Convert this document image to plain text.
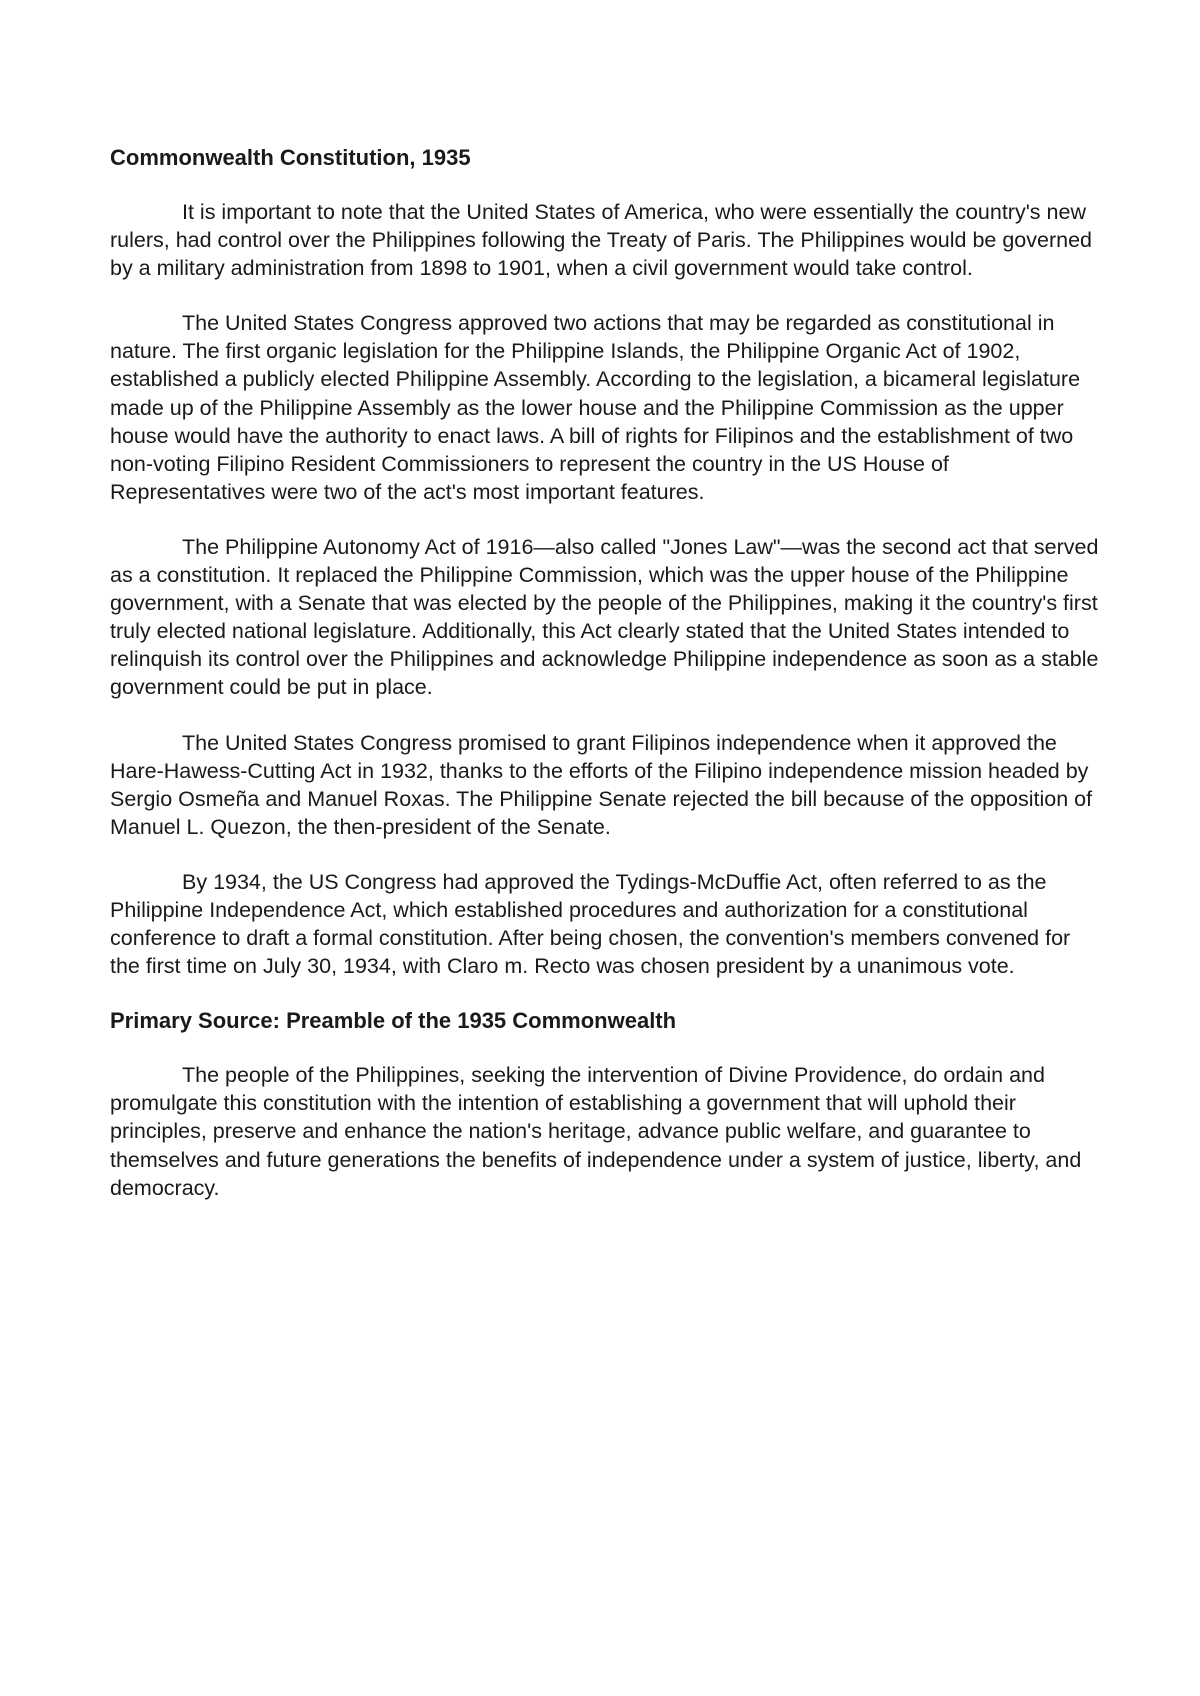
Commonwealth Constitution, 1935

It is important to note that the United States of America, who were essentially the country's new rulers, had control over the Philippines following the Treaty of Paris. The Philippines would be governed by a military administration from 1898 to 1901, when a civil government would take control.

The United States Congress approved two actions that may be regarded as constitutional in nature. The first organic legislation for the Philippine Islands, the Philippine Organic Act of 1902, established a publicly elected Philippine Assembly. According to the legislation, a bicameral legislature made up of the Philippine Assembly as the lower house and the Philippine Commission as the upper house would have the authority to enact laws. A bill of rights for Filipinos and the establishment of two non-voting Filipino Resident Commissioners to represent the country in the US House of Representatives were two of the act's most important features.

The Philippine Autonomy Act of 1916—also called "Jones Law"—was the second act that served as a constitution. It replaced the Philippine Commission, which was the upper house of the Philippine government, with a Senate that was elected by the people of the Philippines, making it the country's first truly elected national legislature. Additionally, this Act clearly stated that the United States intended to relinquish its control over the Philippines and acknowledge Philippine independence as soon as a stable government could be put in place.

The United States Congress promised to grant Filipinos independence when it approved the Hare-Hawess-Cutting Act in 1932, thanks to the efforts of the Filipino independence mission headed by Sergio Osmeña and Manuel Roxas. The Philippine Senate rejected the bill because of the opposition of Manuel L. Quezon, the then-president of the Senate.

By 1934, the US Congress had approved the Tydings-McDuffie Act, often referred to as the Philippine Independence Act, which established procedures and authorization for a constitutional conference to draft a formal constitution. After being chosen, the convention's members convened for the first time on July 30, 1934, with Claro m. Recto was chosen president by a unanimous vote.

Primary Source: Preamble of the 1935 Commonwealth

The people of the Philippines, seeking the intervention of Divine Providence, do ordain and promulgate this constitution with the intention of establishing a government that will uphold their principles, preserve and enhance the nation's heritage, advance public welfare, and guarantee to themselves and future generations the benefits of independence under a system of justice, liberty, and democracy.
